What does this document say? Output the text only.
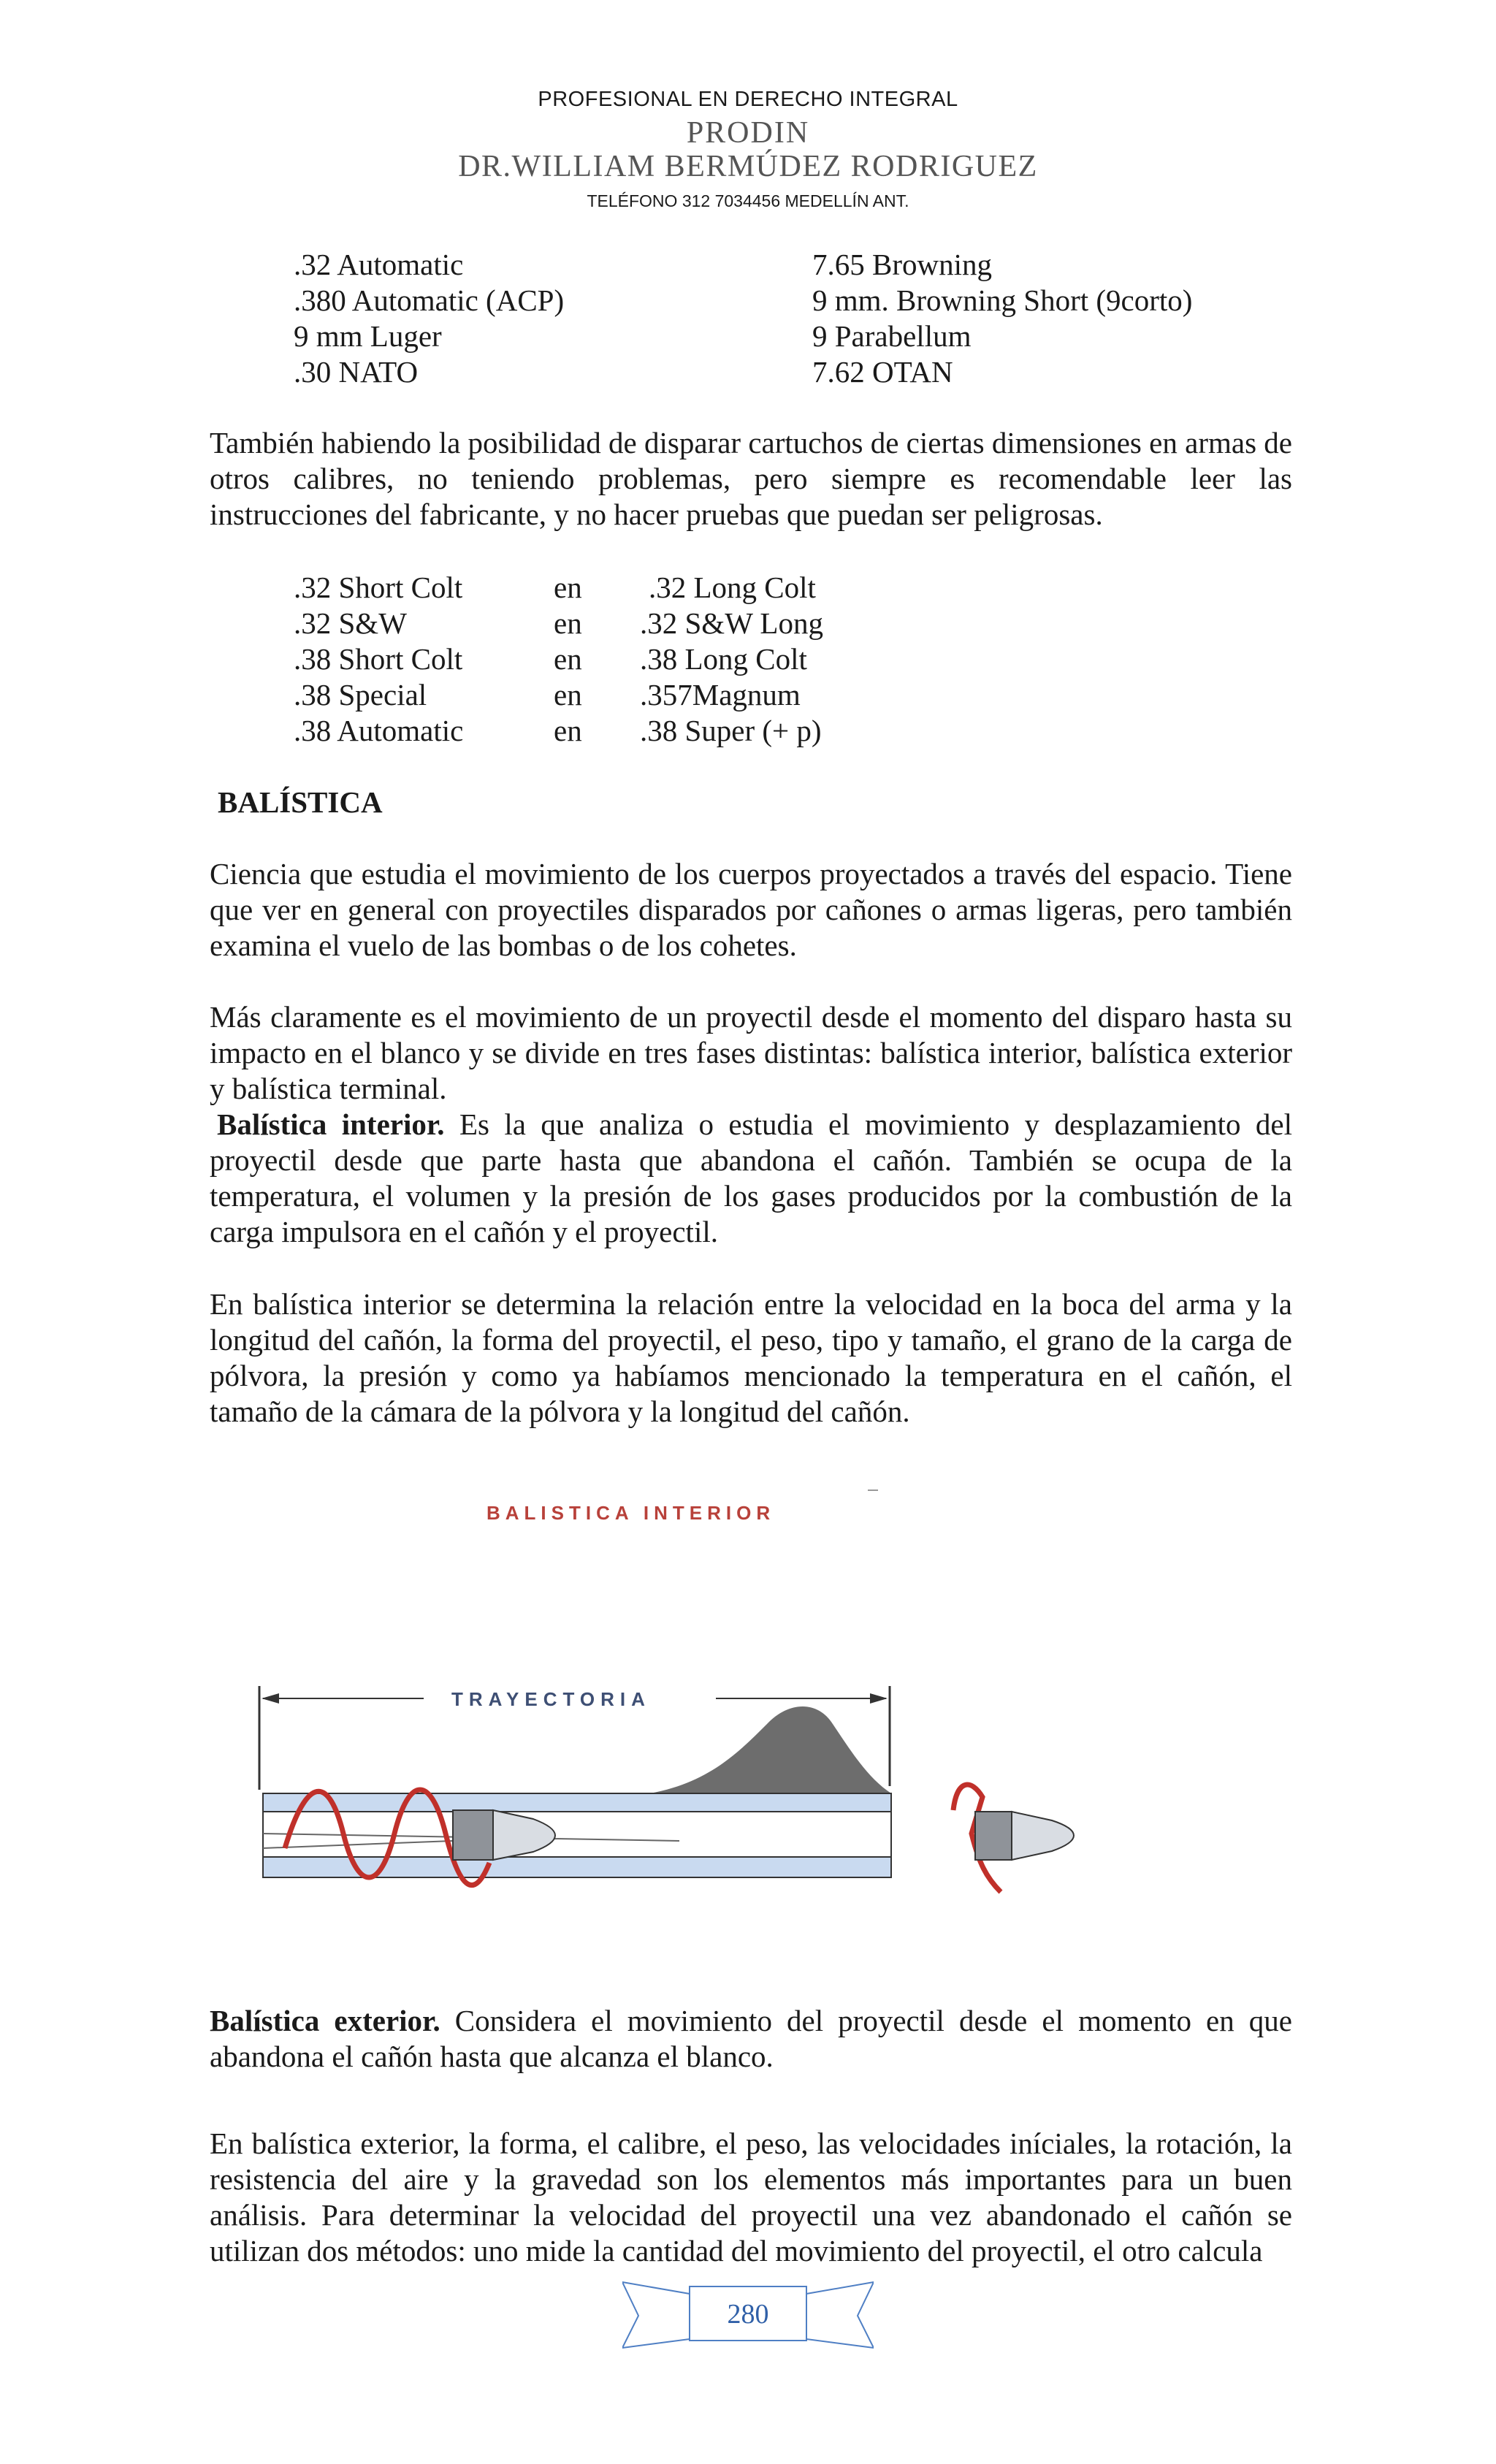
PROFESIONAL EN DERECHO INTEGRAL
PRODIN
DR.WILLIAM BERMÚDEZ RODRIGUEZ
TELÉFONO 312 7034456 MEDELLÍN ANT.
.32 Automatic	7.65 Browning
.380 Automatic (ACP)	9 mm. Browning Short (9corto)
9 mm Luger	9 Parabellum
.30 NATO	7.62 OTAN
También habiendo la posibilidad de disparar cartuchos de ciertas dimensiones en armas de otros calibres, no teniendo problemas, pero siempre es recomendable leer las instrucciones del fabricante, y no hacer pruebas que puedan ser peligrosas.
.32 Short Colt	en .32 Long Colt
.32 S&W	en .32 S&W Long
.38 Short Colt	en .38 Long Colt
.38 Special	en .357Magnum
.38 Automatic	en .38 Super (+ p)
BALÍSTICA
Ciencia que estudia el movimiento de los cuerpos proyectados a través del espacio. Tiene que ver en general con proyectiles disparados por cañones o armas ligeras, pero también examina el vuelo de las bombas o de los cohetes.
Más claramente es el movimiento de un proyectil desde el momento del disparo hasta su impacto en el blanco y se divide en tres fases distintas: balística interior, balística exterior y balística terminal.
Balística interior. Es la que analiza o estudia el movimiento y desplazamiento del proyectil desde que parte hasta que abandona el cañón. También se ocupa de la temperatura, el volumen y la presión de los gases producidos por la combustión de la carga impulsora en el cañón y el proyectil.
En balística interior se determina la relación entre la velocidad en la boca del arma y la longitud del cañón, la forma del proyectil, el peso, tipo y tamaño, el grano de la carga de pólvora, la presión y como ya habíamos mencionado la temperatura en el cañón, el tamaño de la cámara de la pólvora y la longitud del cañón.
BALISTICA INTERIOR
TRAYECTORIA
Balística exterior. Considera el movimiento del proyectil desde el momento en que abandona el cañón hasta que alcanza el blanco.
En balística exterior, la forma, el calibre, el peso, las velocidades iníciales, la rotación, la resistencia del aire y la gravedad son los elementos más importantes para un buen análisis. Para determinar la velocidad del proyectil una vez abandonado el cañón se utilizan dos métodos: uno mide la cantidad del movimiento del proyectil, el otro calcula
280
